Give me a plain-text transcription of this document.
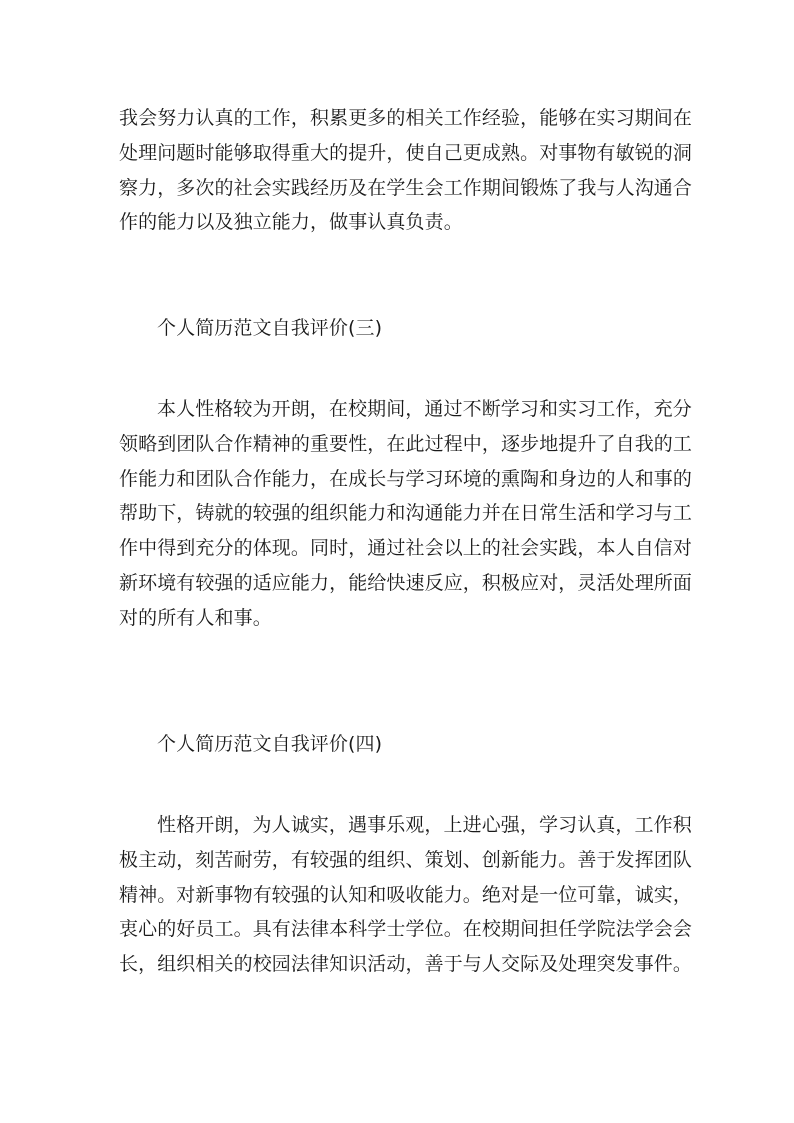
我会努力认真的工作，积累更多的相关工作经验，能够在实习期间在
处理问题时能够取得重大的提升，使自己更成熟。对事物有敏锐的洞
察力，多次的社会实践经历及在学生会工作期间锻炼了我与人沟通合
作的能力以及独立能力，做事认真负责。
个人简历范文自我评价(三)
本人性格较为开朗，在校期间，通过不断学习和实习工作，充分
领略到团队合作精神的重要性，在此过程中，逐步地提升了自我的工
作能力和团队合作能力，在成长与学习环境的熏陶和身边的人和事的
帮助下，铸就的较强的组织能力和沟通能力并在日常生活和学习与工
作中得到充分的体现。同时，通过社会以上的社会实践，本人自信对
新环境有较强的适应能力，能给快速反应，积极应对，灵活处理所面
对的所有人和事。
个人简历范文自我评价(四)
性格开朗，为人诚实，遇事乐观，上进心强，学习认真，工作积
极主动，刻苦耐劳，有较强的组织、策划、创新能力。善于发挥团队
精神。对新事物有较强的认知和吸收能力。绝对是一位可靠，诚实，
衷心的好员工。具有法律本科学士学位。在校期间担任学院法学会会
长，组织相关的校园法律知识活动，善于与人交际及处理突发事件。
